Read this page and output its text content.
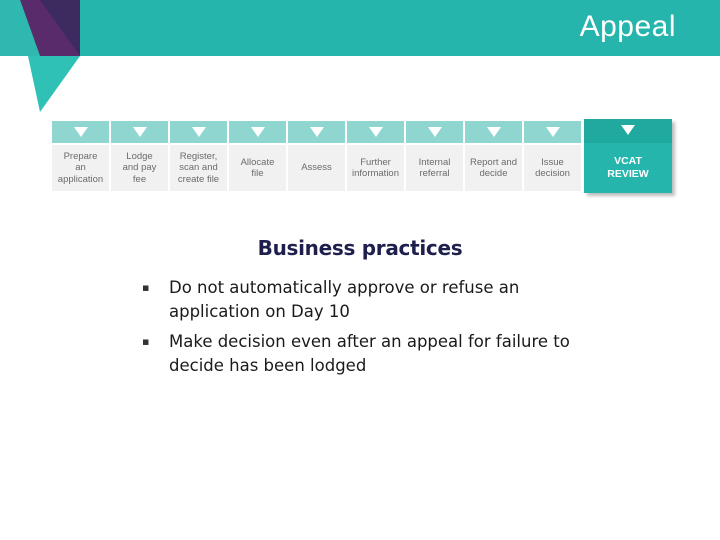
Appeal
Prepare
an
application
Lodge
and pay
fee
Register,
scan and
create file
Allocate
file
Assess
Further
information
Internal
referral
Report and
decide
Issue
decision
VCAT
REVIEW
Business practices
▪ Do not automatically approve or refuse an application on Day 10
▪ Make decision even after an appeal for failure to decide has been lodged
